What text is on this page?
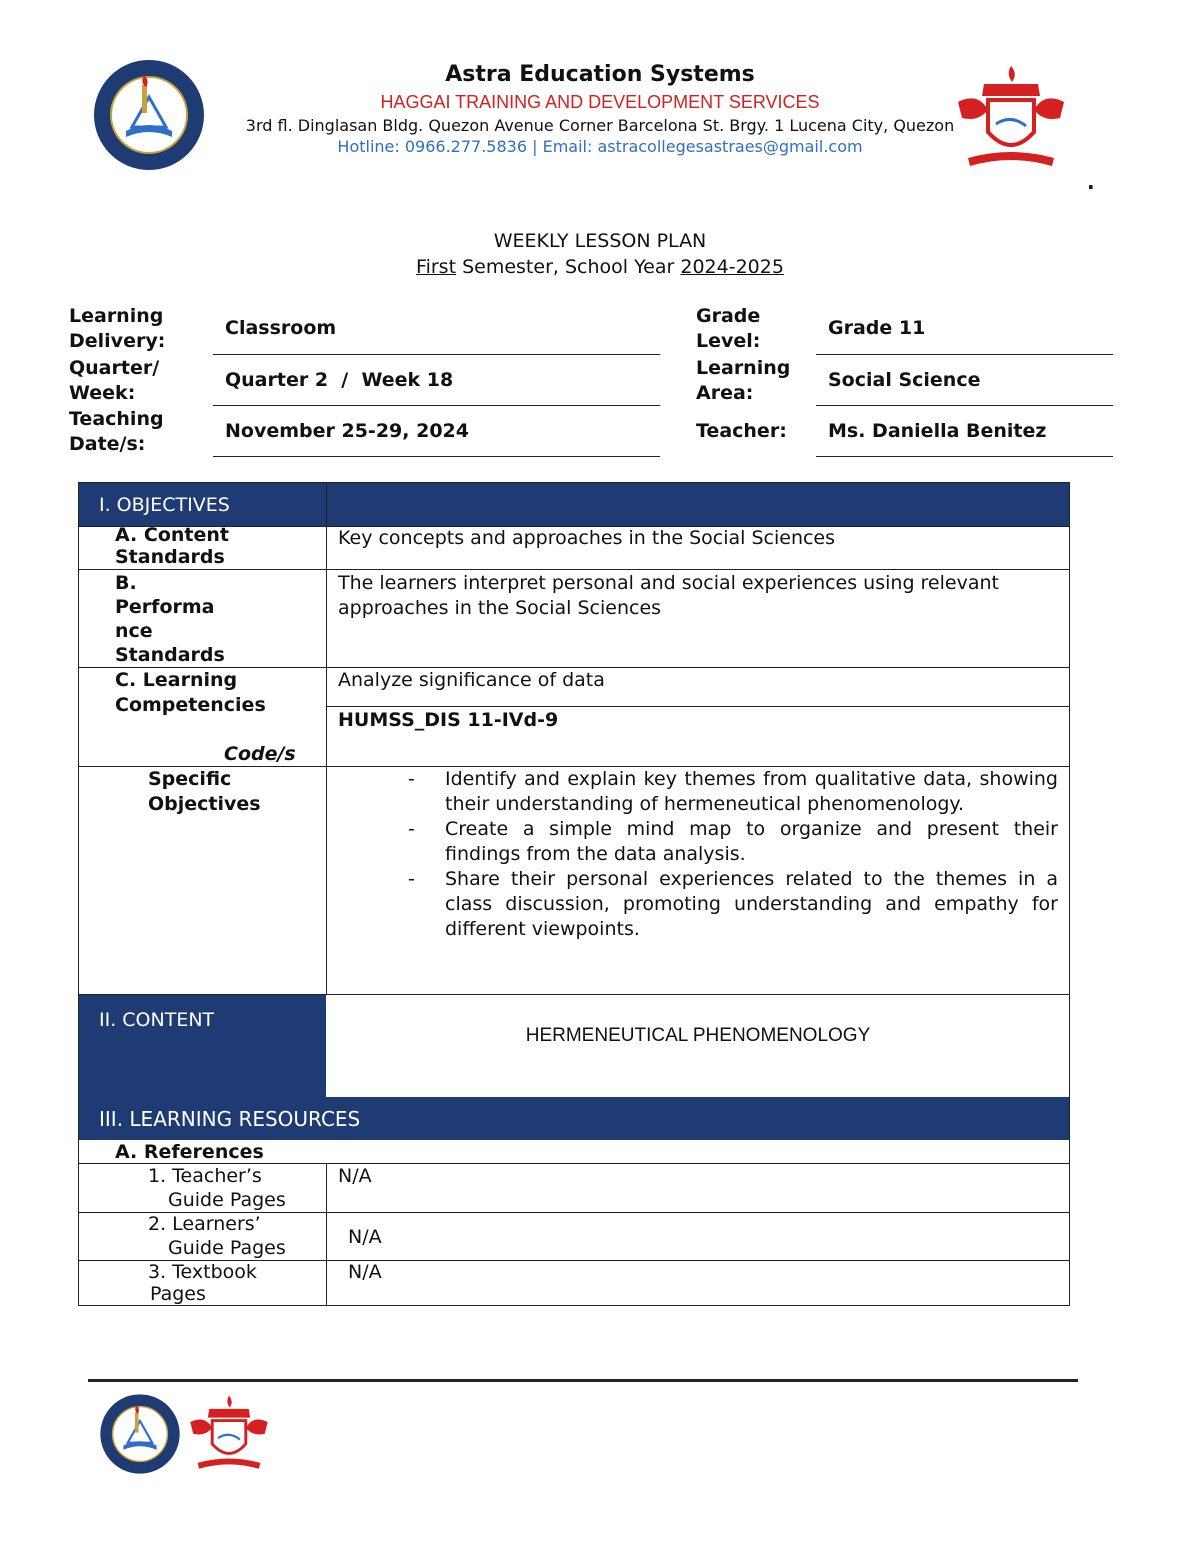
Astra Education Systems
HAGGAI TRAINING AND DEVELOPMENT SERVICES
3rd fl. Dinglasan Bldg. Quezon Avenue Corner Barcelona St. Brgy. 1 Lucena City, Quezon
Hotline: 0966.277.5836 | Email: astracollegesastraes@gmail.com
.
WEEKLY LESSON PLAN
First Semester, School Year 2024-2025
Learning Delivery:
Classroom
Quarter/ Week:
Quarter 2  /  Week 18
Teaching Date/s:
November 25-29, 2024
Grade Level:
Grade 11
Learning Area:
Social Science
Teacher:	Ms. Daniella Benitez
I. OBJECTIVES
II. CONTENT
III. LEARNING RESOURCES
A. Content Standards
Key concepts and approaches in the Social Sciences
B.
Performa
nce
Standards
The learners interpret personal and social experiences using relevant approaches in the Social Sciences
C. Learning Competencies
Code/s
Analyze significance of data
HUMSS_DIS 11-IVd-9
Specific Objectives
- Identify and explain key themes from qualitative data, showing their understanding of hermeneutical phenomenology.
- Create a simple mind map to organize and present their findings from the data analysis.
- Share their personal experiences related to the themes in a class discussion, promoting understanding and empathy for different viewpoints.
HERMENEUTICAL PHENOMENOLOGY
A. References
1. Teacher’s
Guide Pages
N/A
2. Learners’
Guide Pages	N/A
3. Textbook
Pages
N/A
